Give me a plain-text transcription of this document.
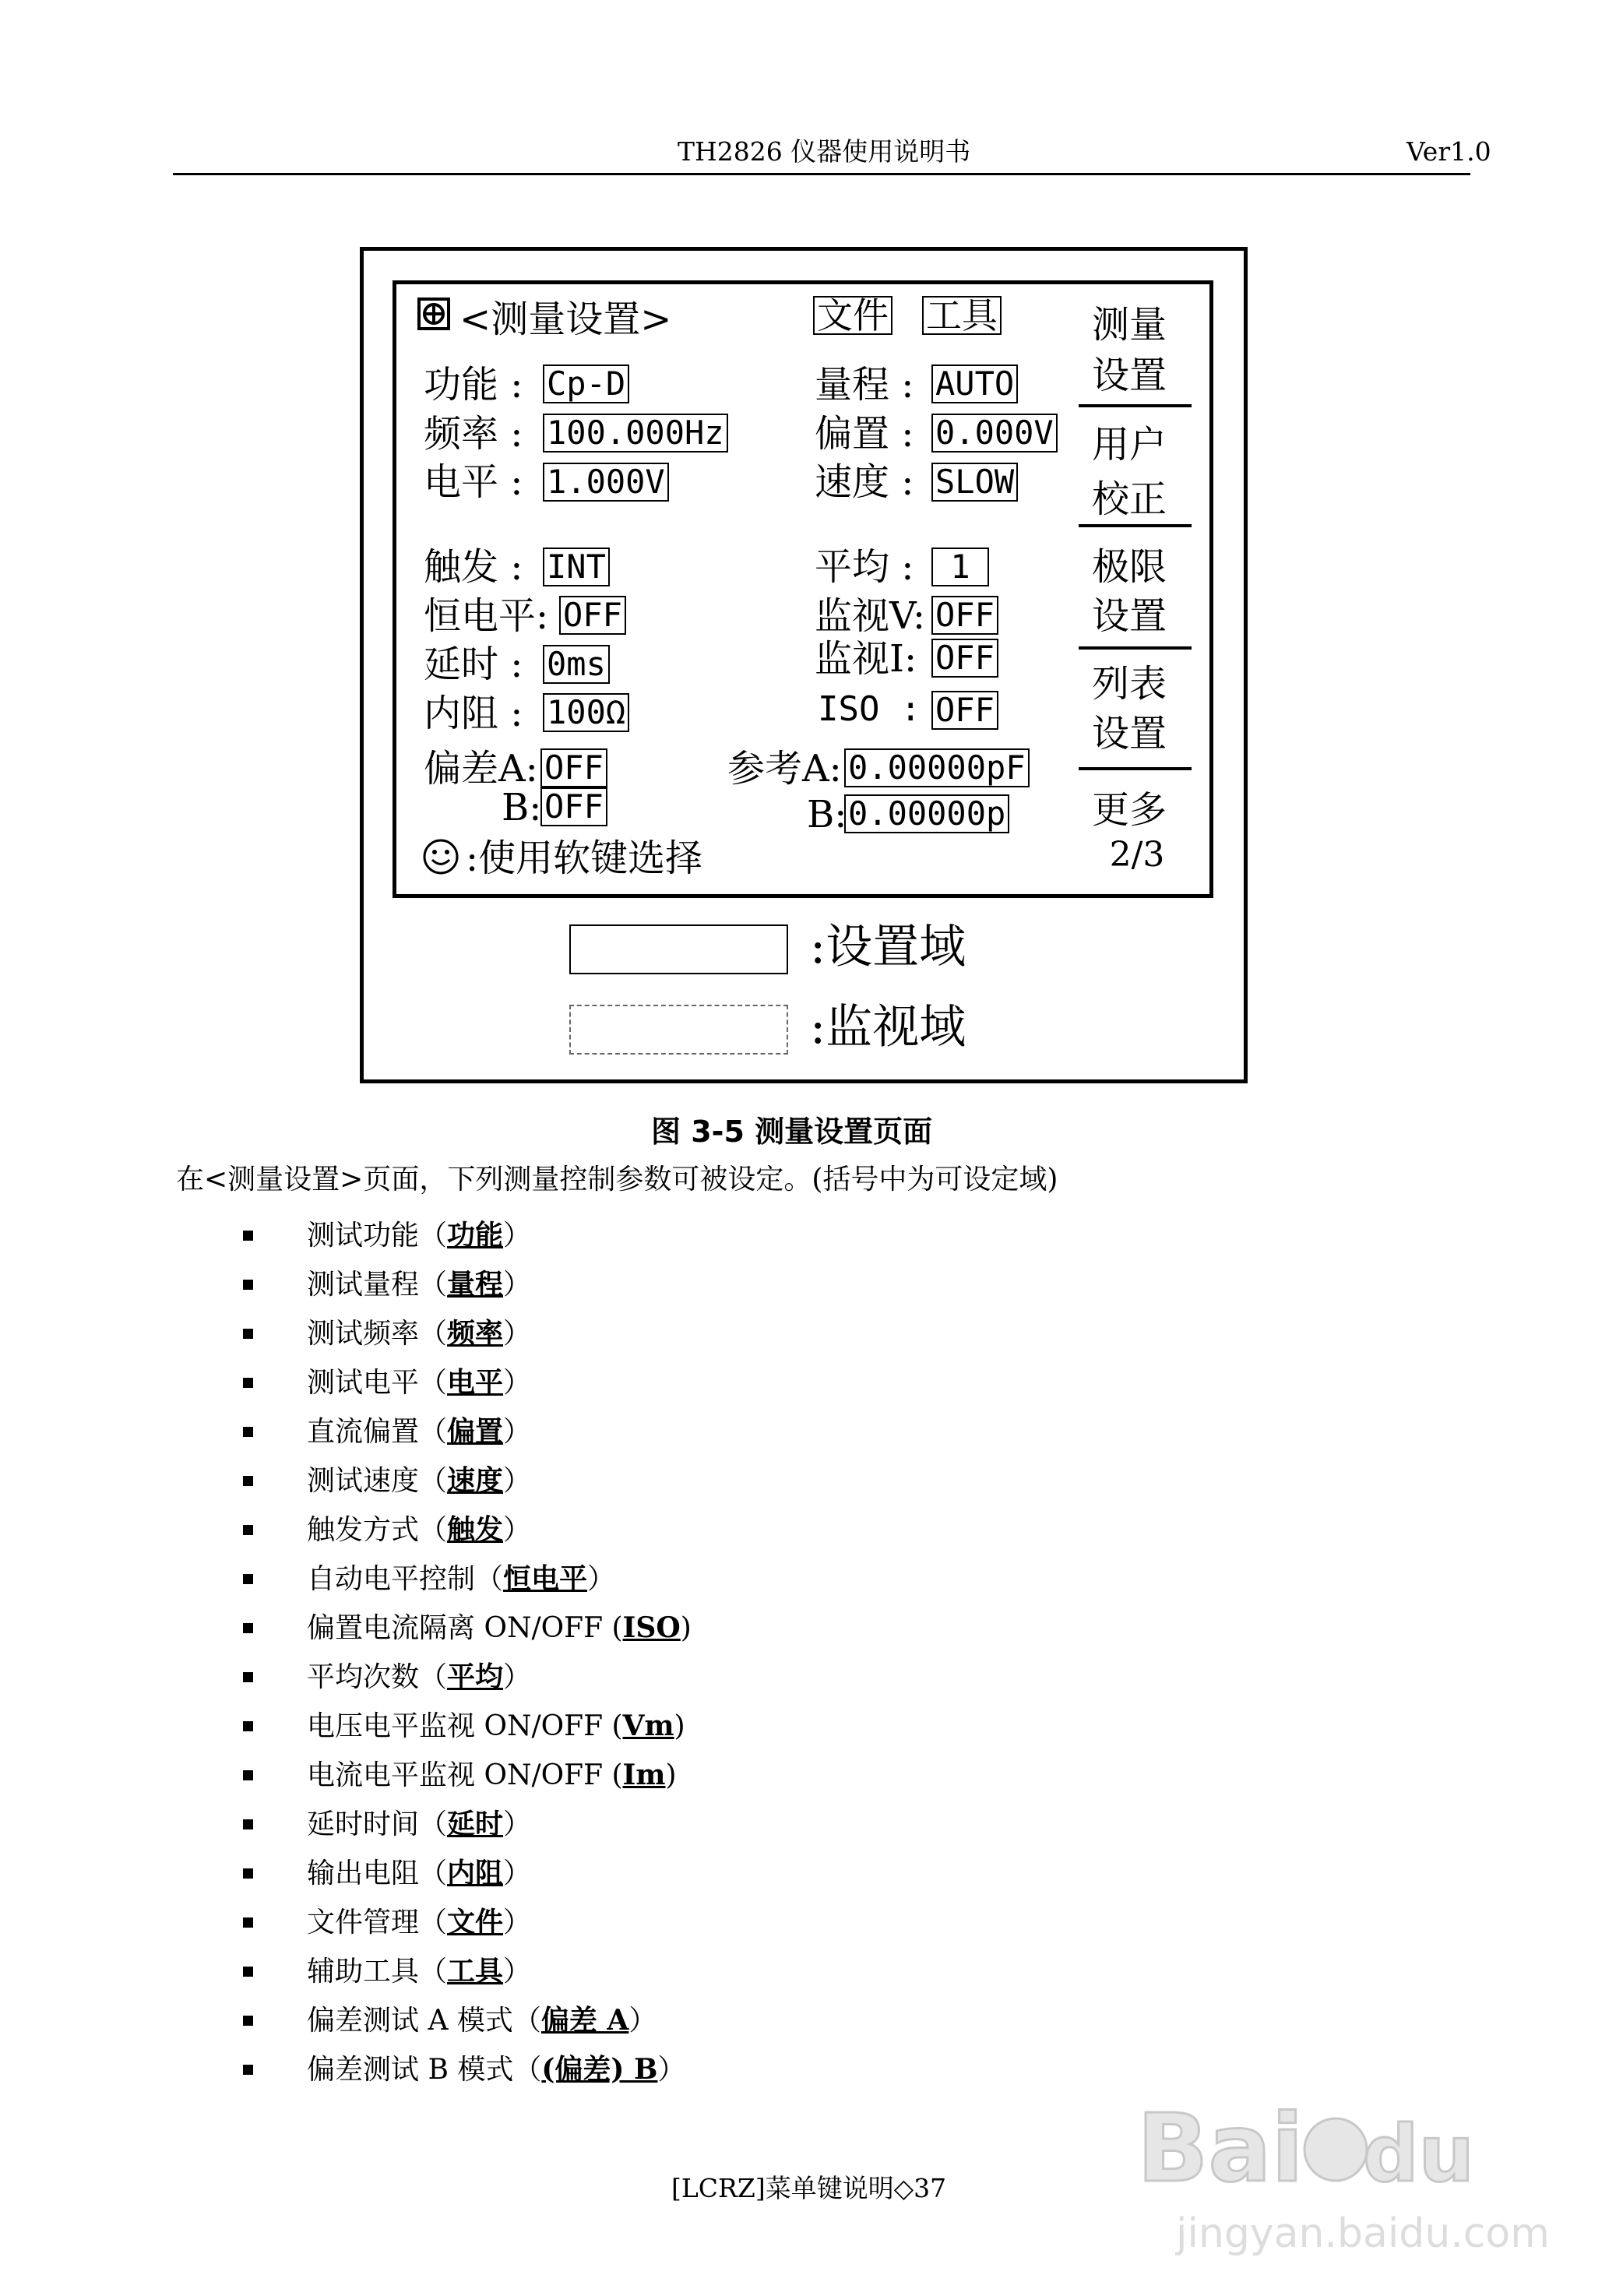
TH2826 仪器使用说明书	Ver1.0
<测量设置>	文件 工具
功能 : Cp-D
频率 : 100.000Hz
电平 : 1.000V
触发 : INT
恒电平: OFF
延时 : 0ms
内阻 : 100Ω
偏差A: OFF
B: OFF
量程 : AUTO
偏置 : 0.000V
速度 : SLOW
平均 :	1
监视V: OFF
监视I: OFF
ISO : OFF
参考A: 0.00000pF
B: 0.00000p
:使用软键选择
测量
设置
用户
校正
极限
设置
列表
设置
更多
2/3
:设置域
:监视域
图 3-5 测量设置页面
在<测量设置>页面，下列测量控制参数可被设定。(括号中为可设定域)
测试功能（功能）
测试量程（量程）
测试频率（频率）
测试电平（电平）
直流偏置（偏置）
测试速度（速度）
触发方式（触发）
自动电平控制（恒电平）
偏置电流隔离 ON/OFF (ISO)
平均次数（平均）
电压电平监视 ON/OFF (Vm)
电流电平监视 ON/OFF (Im)
延时时间（延时）
输出电阻（内阻）
文件管理（文件）
辅助工具（工具）
偏差测试 A 模式（偏差 A）
偏差测试 B 模式（(偏差) B）
[LCRZ]菜单键说明◇37 Bai du
jingyan.baidu.com
